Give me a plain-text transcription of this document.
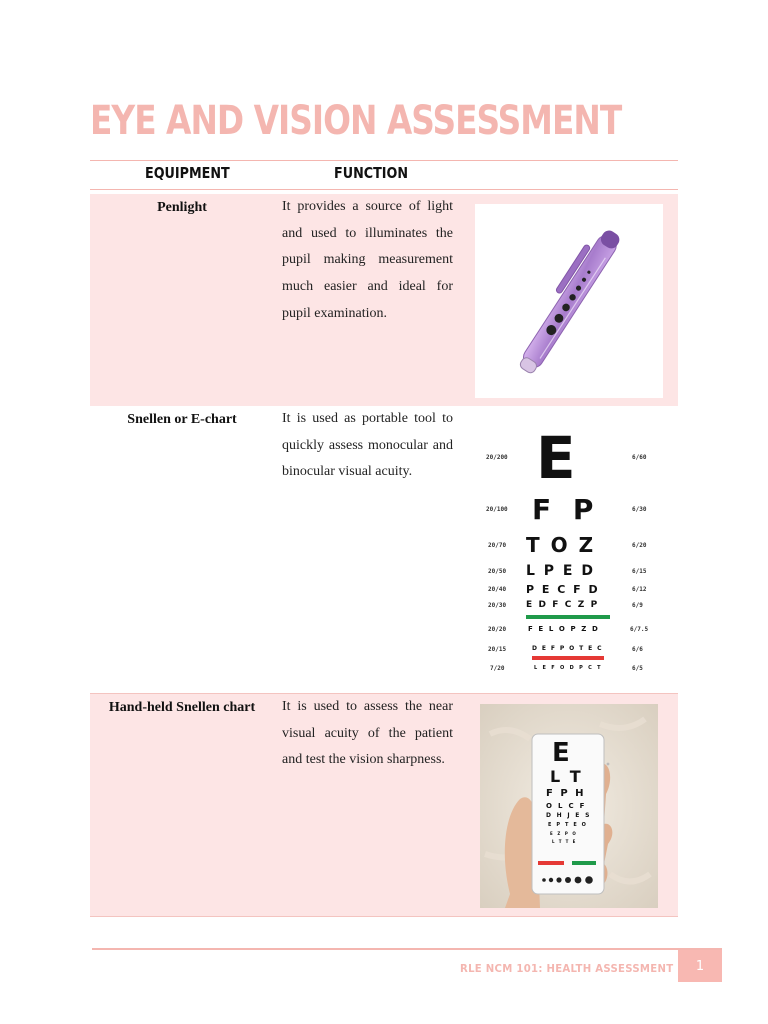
EYE AND VISION ASSESSMENT
EQUIPMENT	FUNCTION
Penlight	It provides a source of light and used to illuminates the pupil making measurement much easier and ideal for pupil examination.
Snellen or E-chart	It is used as portable tool to quickly assess monocular and binocular visual acuity.
20/200
20/100
20/70
20/50
20/40
20/30
20/20
20/15
7/20
6/60
6/30
6/20
6/15
6/12
6/9
6/7.5
6/6
6/5
E
F P
T O Z
L P E D
P E C F D
E D F C Z P
F E L O P Z D
D E F P O T E C
L E F O D P C T
Hand-held Snellen chart	It is used to assess the near visual acuity of the patient and test the vision sharpness.	E
L T
F P H
O L C F
D H J E S
E P T E O
E Z P O
L T T E
RLE NCM 101: HEALTH ASSESSMENT	1
